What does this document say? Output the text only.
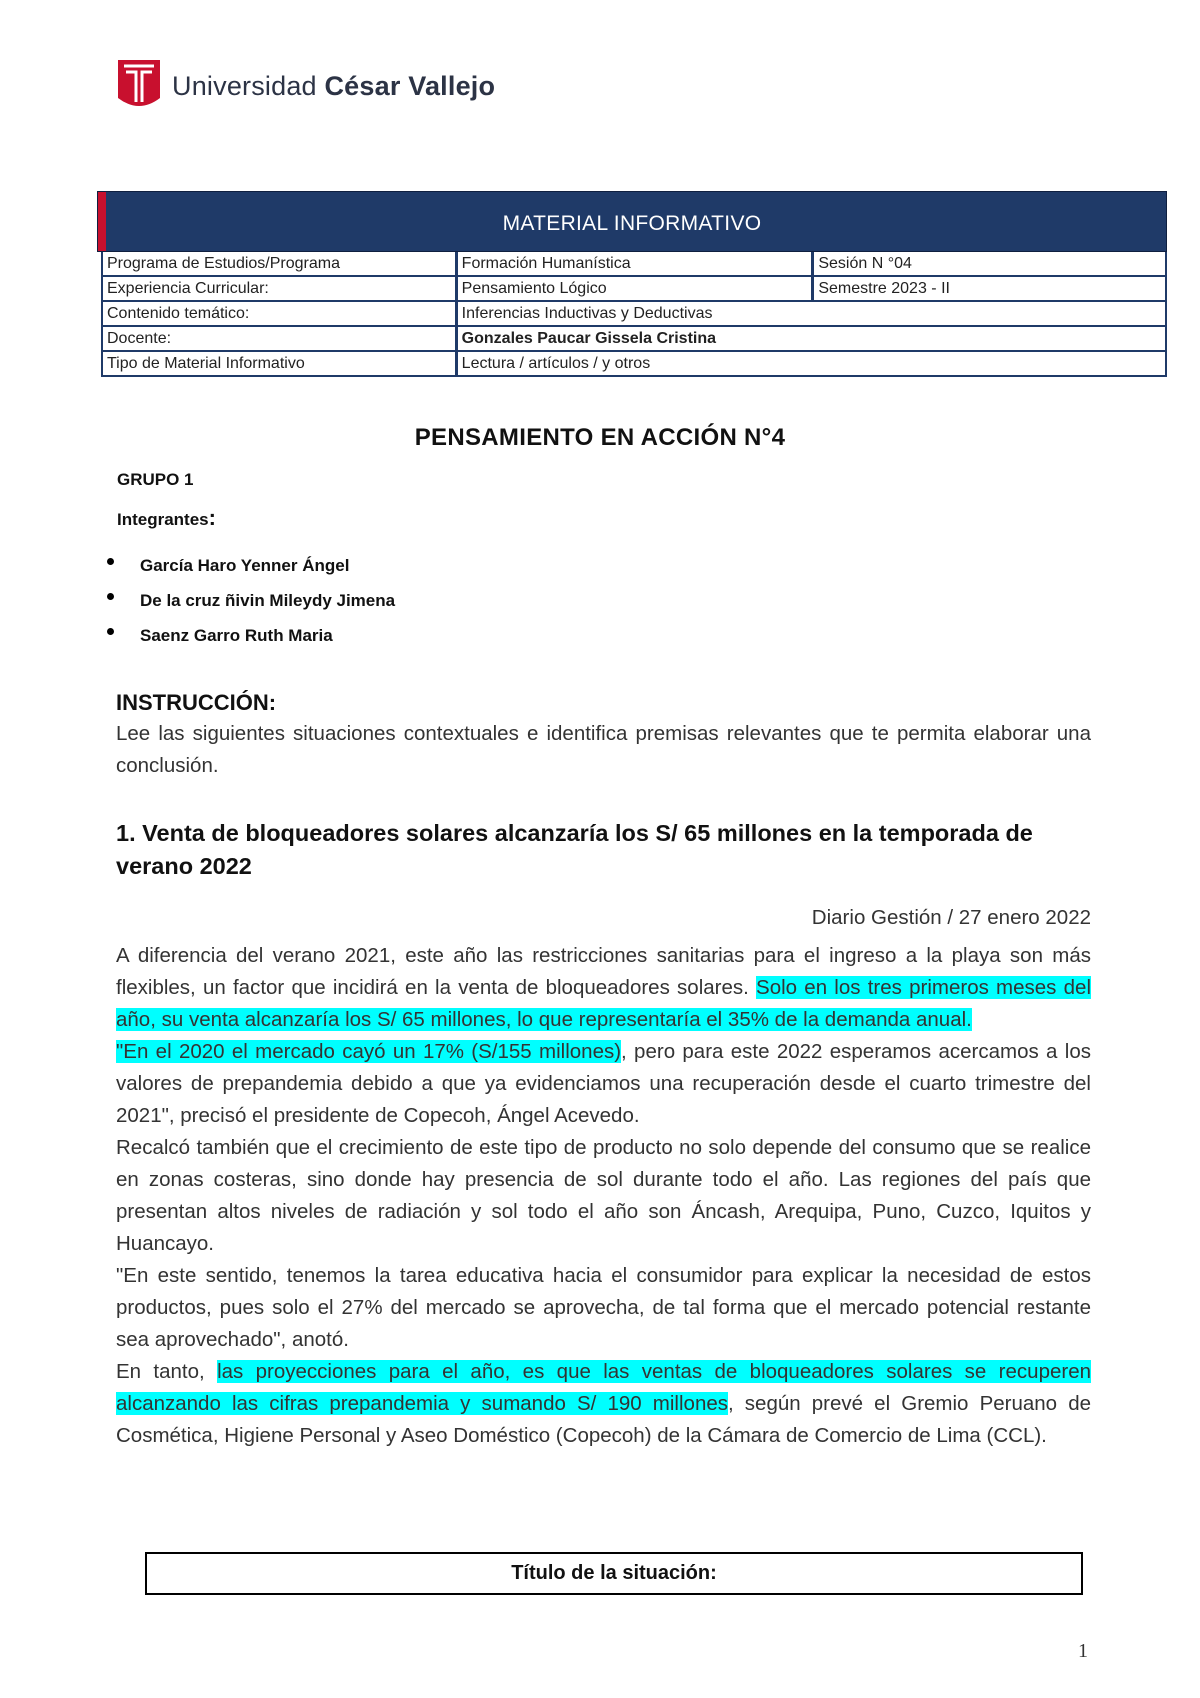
Universidad César Vallejo
MATERIAL INFORMATIVO
Programa de Estudios/Programa	Formación Humanística	Sesión N °04
Experiencia Curricular:	Pensamiento Lógico	Semestre 2023 - II
Contenido temático:	Inferencias Inductivas y Deductivas
Docente:	Gonzales Paucar Gissela Cristina
Tipo de Material Informativo	Lectura / artículos / y otros
PENSAMIENTO EN ACCIÓN N°4
GRUPO 1
Integrantes:
García Haro Yenner Ángel
De la cruz ñivin Mileydy Jimena
Saenz Garro Ruth Maria
INSTRUCCIÓN:
Lee las siguientes situaciones contextuales e identifica premisas relevantes que te permita elaborar una conclusión.
1. Venta de bloqueadores solares alcanzaría los S/ 65 millones en la temporada de verano 2022
Diario Gestión / 27 enero 2022

A diferencia del verano 2021, este año las restricciones sanitarias para el ingreso a la playa son más flexibles, un factor que incidirá en la venta de bloqueadores solares. Solo en los tres primeros meses del año, su venta alcanzaría los S/ 65 millones, lo que representaría el 35% de la demanda anual.

"En el 2020 el mercado cayó un 17% (S/155 millones), pero para este 2022 esperamos acercamos a los valores de prepandemia debido a que ya evidenciamos una recuperación desde el cuarto trimestre del 2021", precisó el presidente de Copecoh, Ángel Acevedo.

Recalcó también que el crecimiento de este tipo de producto no solo depende del consumo que se realice en zonas costeras, sino donde hay presencia de sol durante todo el año. Las regiones del país que presentan altos niveles de radiación y sol todo el año son Áncash, Arequipa, Puno, Cuzco, Iquitos y Huancayo.

"En este sentido, tenemos la tarea educativa hacia el consumidor para explicar la necesidad de estos productos, pues solo el 27% del mercado se aprovecha, de tal forma que el mercado potencial restante sea aprovechado", anotó.

En tanto, las proyecciones para el año, es que las ventas de bloqueadores solares se recuperen alcanzando las cifras prepandemia y sumando S/ 190 millones, según prevé el Gremio Peruano de Cosmética, Higiene Personal y Aseo Doméstico (Copecoh) de la Cámara de Comercio de Lima (CCL).

Título de la situación:
1
